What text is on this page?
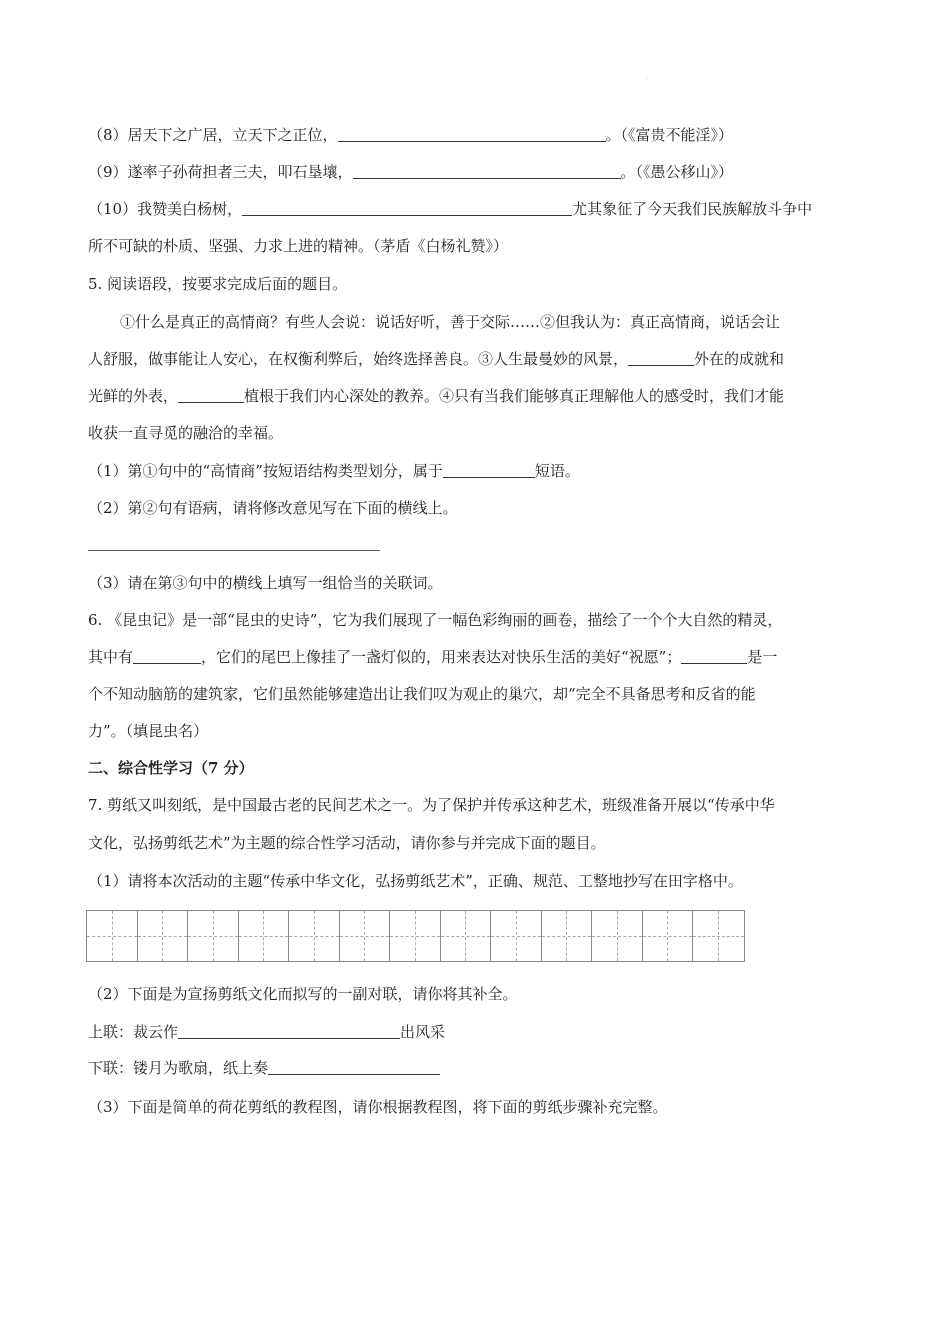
·
（8）居天下之广居，立天下之正位，	。（《富贵不能淫》）
（9）遂率子孙荷担者三夫，叩石垦壤，	。（《愚公移山》）
（10）我赞美白杨树，	尤其象征了今天我们民族解放斗争中
所不可缺的朴质、坚强、力求上进的精神。（茅盾《白杨礼赞》）
5. 阅读语段，按要求完成后面的题目。
①什么是真正的高情商？有些人会说：说话好听，善于交际……②但我认为：真正高情商，说话会让
人舒服，做事能让人安心，在权衡利弊后，始终选择善良。③人生最曼妙的风景，	外在的成就和
光鲜的外表，	植根于我们内心深处的教养。④只有当我们能够真正理解他人的感受时，我们才能
收获一直寻觅的融洽的幸福。
（1）第①句中的“高情商”按短语结构类型划分，属于	短语。
（2）第②句有语病，请将修改意见写在下面的横线上。
（3）请在第③句中的横线上填写一组恰当的关联词。
6. 《昆虫记》是一部“昆虫的史诗”，它为我们展现了一幅色彩绚丽的画卷，描绘了一个个大自然的精灵，
其中有	，它们的尾巴上像挂了一盏灯似的，用来表达对快乐生活的美好“祝愿”；	是一
个不知动脑筋的建筑家，它们虽然能够建造出让我们叹为观止的巢穴，却“完全不具备思考和反省的能
力”。（填昆虫名）
二、综合性学习（7 分）
7. 剪纸又叫刻纸，是中国最古老的民间艺术之一。为了保护并传承这种艺术，班级准备开展以“传承中华
文化，弘扬剪纸艺术”为主题的综合性学习活动，请你参与并完成下面的题目。
（1）请将本次活动的主题“传承中华文化，弘扬剪纸艺术”，正确、规范、工整地抄写在田字格中。
（2）下面是为宣扬剪纸文化而拟写的一副对联，请你将其补全。
上联：裁云作	出风采
下联：镂月为歌扇，纸上奏
（3）下面是简单的荷花剪纸的教程图，请你根据教程图，将下面的剪纸步骤补充完整。
